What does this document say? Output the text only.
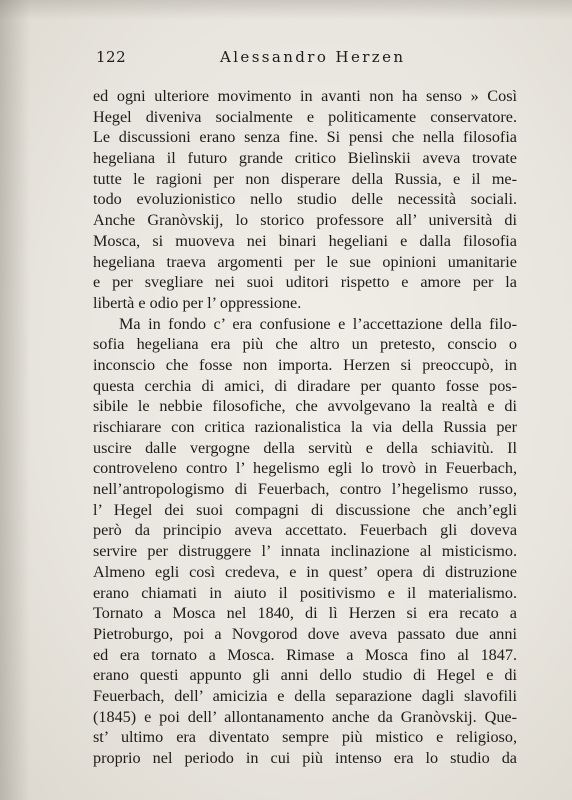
122	Alessandro Herzen
ed ogni ulteriore movimento in avanti non ha senso » Così
Hegel diveniva socialmente e politicamente conservatore.
Le discussioni erano senza fine. Si pensi che nella filosofia
hegeliana il futuro grande critico Bielìnskii aveva trovate
tutte le ragioni per non disperare della Russia, e il me-
todo evoluzionistico nello studio delle necessità sociali.
Anche Granòvskij, lo storico professore all’ università di
Mosca, si muoveva nei binari hegeliani e dalla filosofia
hegeliana traeva argomenti per le sue opinioni umanitarie
e per svegliare nei suoi uditori rispetto e amore per la
libertà e odio per l’ oppressione.
Ma in fondo c’ era confusione e l’accettazione della filo-
sofia hegeliana era più che altro un pretesto, conscio o
inconscio che fosse non importa. Herzen si preoccupò, in
questa cerchia di amici, di diradare per quanto fosse pos-
sibile le nebbie filosofiche, che avvolgevano la realtà e di
rischiarare con critica razionalistica la via della Russia per
uscire dalle vergogne della servitù e della schiavitù. Il
controveleno contro l’ hegelismo egli lo trovò in Feuerbach,
nell’antropologismo di Feuerbach, contro l’hegelismo russo,
l’ Hegel dei suoi compagni di discussione che anch’egli
però da principio aveva accettato. Feuerbach gli doveva
servire per distruggere l’ innata inclinazione al misticismo.
Almeno egli così credeva, e in quest’ opera di distruzione
erano chiamati in aiuto il positivismo e il materialismo.
Tornato a Mosca nel 1840, di lì Herzen si era recato a
Pietroburgo, poi a Novgorod dove aveva passato due anni
ed era tornato a Mosca. Rimase a Mosca fino al 1847.
erano questi appunto gli anni dello studio di Hegel e di
Feuerbach, dell’ amicizia e della separazione dagli slavofili
(1845) e poi dell’ allontanamento anche da Granòvskij. Que-
st’ ultimo era diventato sempre più mistico e religioso,
proprio nel periodo in cui più intenso era lo studio da
